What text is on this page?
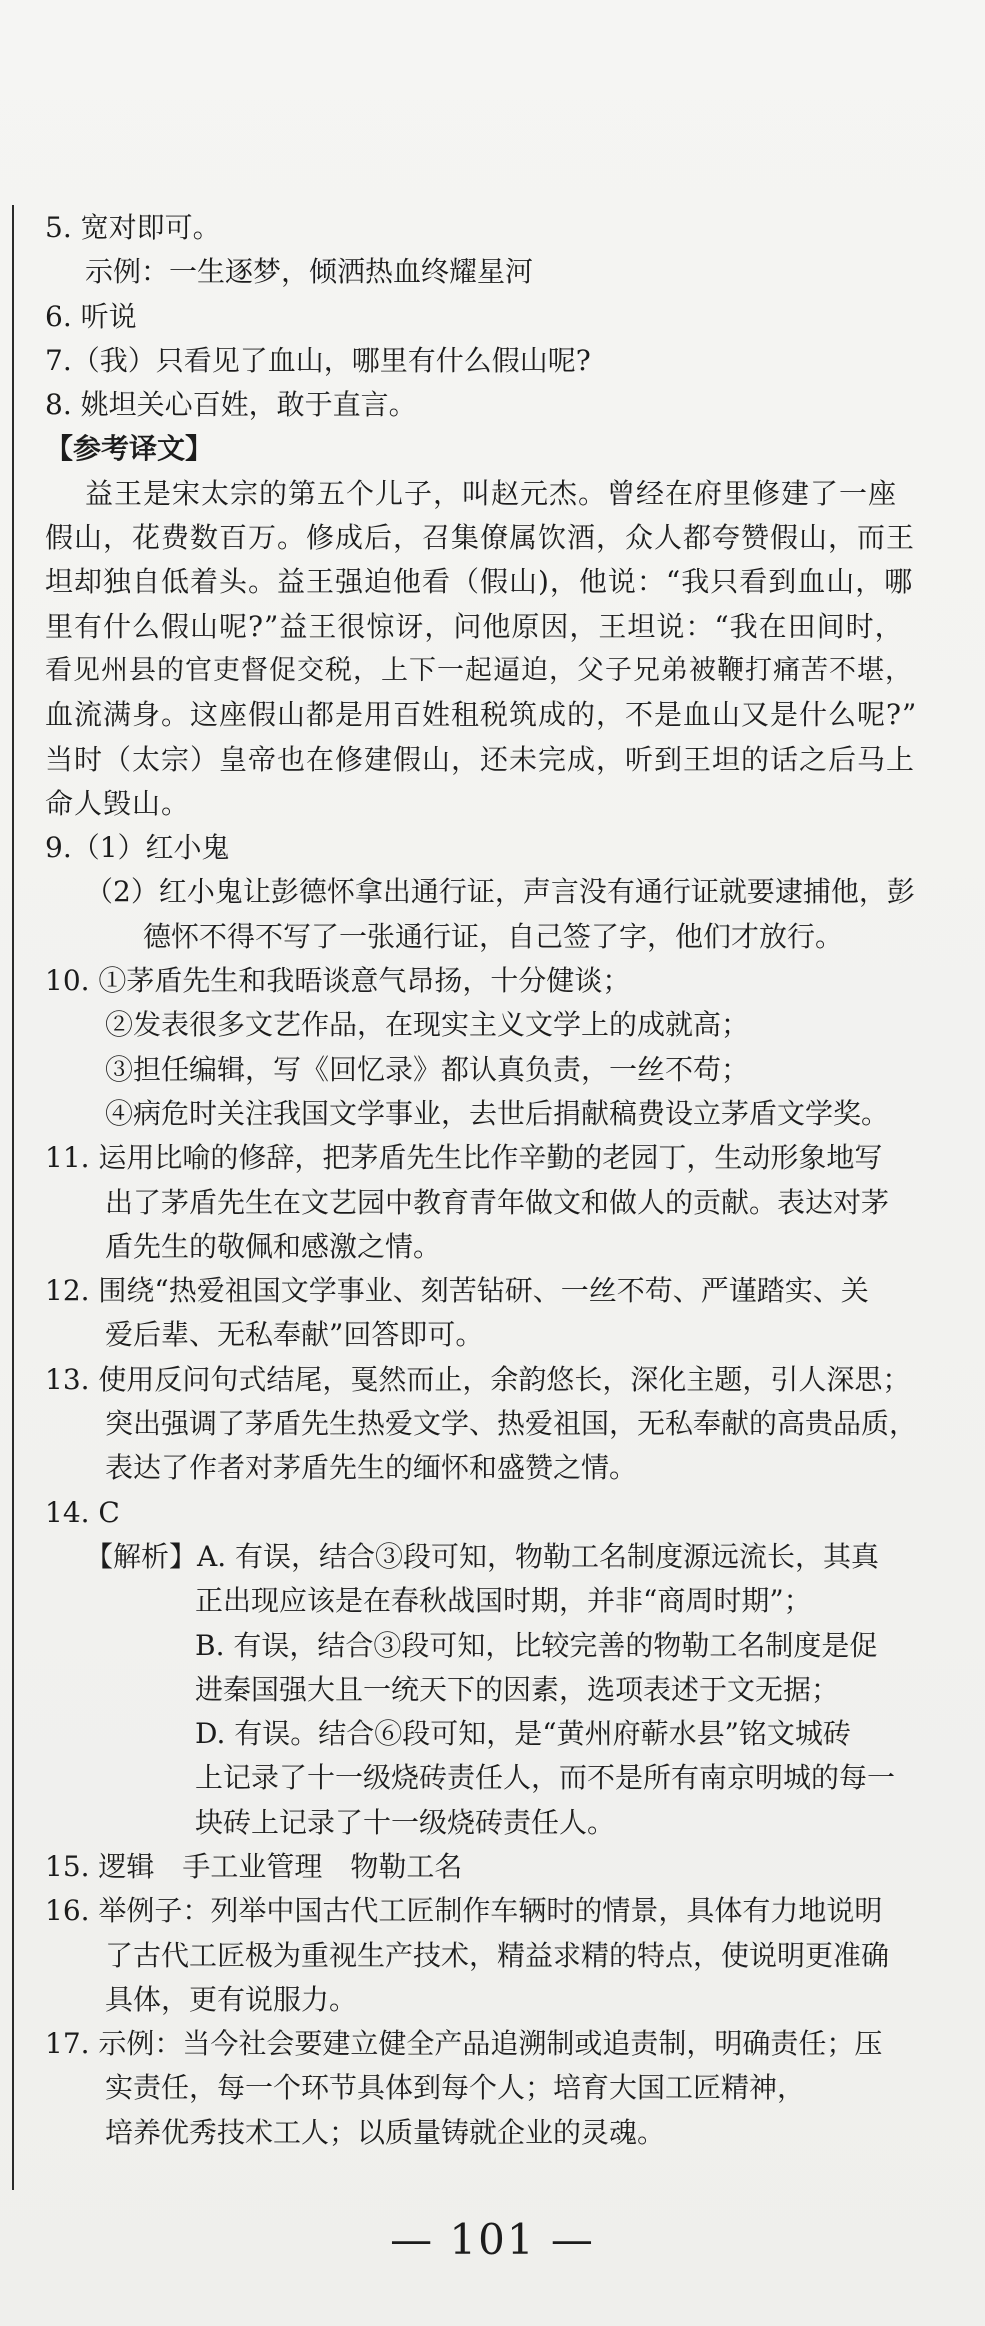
5. 宽对即可。
示例：一生逐梦，倾洒热血终耀星河
6. 听说
7.（我）只看见了血山，哪里有什么假山呢?
8. 姚坦关心百姓，敢于直言。
【参考译文】
益王是宋太宗的第五个儿子，叫赵元杰。曾经在府里修建了一座
假山，花费数百万。修成后，召集僚属饮酒，众人都夸赞假山，而王
坦却独自低着头。益王强迫他看（假山)，他说：“我只看到血山，哪
里有什么假山呢?”益王很惊讶，问他原因，王坦说：“我在田间时，
看见州县的官吏督促交税，上下一起逼迫，父子兄弟被鞭打痛苦不堪，
血流满身。这座假山都是用百姓租税筑成的，不是血山又是什么呢?”
当时（太宗）皇帝也在修建假山，还未完成，听到王坦的话之后马上
命人毁山。
9.（1）红小鬼
（2）红小鬼让彭德怀拿出通行证，声言没有通行证就要逮捕他，彭
德怀不得不写了一张通行证，自己签了字，他们才放行。
10. ①茅盾先生和我晤谈意气昂扬，十分健谈；
②发表很多文艺作品，在现实主义文学上的成就高；
③担任编辑，写《回忆录》都认真负责，一丝不苟；
④病危时关注我国文学事业，去世后捐献稿费设立茅盾文学奖。
11. 运用比喻的修辞，把茅盾先生比作辛勤的老园丁，生动形象地写
出了茅盾先生在文艺园中教育青年做文和做人的贡献。表达对茅
盾先生的敬佩和感激之情。
12. 围绕“热爱祖国文学事业、刻苦钻研、一丝不苟、严谨踏实、关
爱后辈、无私奉献”回答即可。
13. 使用反问句式结尾，戛然而止，余韵悠长，深化主题，引人深思；
突出强调了茅盾先生热爱文学、热爱祖国，无私奉献的高贵品质，
表达了作者对茅盾先生的缅怀和盛赞之情。
14. C
【解析】A. 有误，结合③段可知，物勒工名制度源远流长，其真
正出现应该是在春秋战国时期，并非“商周时期”；
B. 有误，结合③段可知，比较完善的物勒工名制度是促
进秦国强大且一统天下的因素，选项表述于文无据；
D. 有误。结合⑥段可知，是“黄州府蕲水县”铭文城砖
上记录了十一级烧砖责任人，而不是所有南京明城的每一
块砖上记录了十一级烧砖责任人。
15. 逻辑　手工业管理　物勒工名
16. 举例子：列举中国古代工匠制作车辆时的情景，具体有力地说明
了古代工匠极为重视生产技术，精益求精的特点，使说明更准确
具体，更有说服力。
17. 示例：当今社会要建立健全产品追溯制或追责制，明确责任；压
实责任，每一个环节具体到每个人；培育大国工匠精神，
培养优秀技术工人；以质量铸就企业的灵魂。
— 101 —
